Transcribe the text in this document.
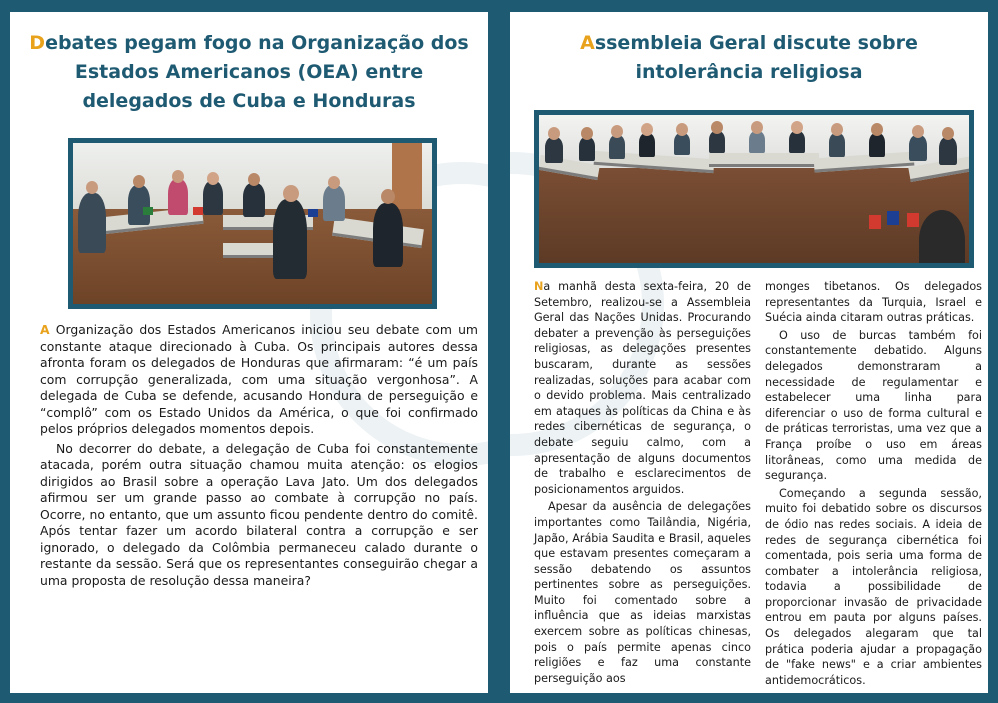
Debates pegam fogo na Organização dos Estados Americanos (OEA) entre delegados de Cuba e Honduras

A Organização dos Estados Americanos iniciou seu debate com um constante ataque direcionado à Cuba. Os principais autores dessa afronta foram os delegados de Honduras que afirmaram: “é um país com corrupção generalizada, com uma situação vergonhosa”. A delegada de Cuba se defende, acusando Hondura de perseguição e “complô” com os Estado Unidos da América, o que foi confirmado pelos próprios delegados momentos depois.

No decorrer do debate, a delegação de Cuba foi constantemente atacada, porém outra situação chamou muita atenção: os elogios dirigidos ao Brasil sobre a operação Lava Jato. Um dos delegados afirmou ser um grande passo ao combate à corrupção no país. Ocorre, no entanto, que um assunto ficou pendente dentro do comitê. Após tentar fazer um acordo bilateral contra a corrupção e ser ignorado, o delegado da Colômbia permaneceu calado durante o restante da sessão. Será que os representantes conseguirão chegar a uma proposta de resolução dessa maneira?

Assembleia Geral discute sobre intolerância religiosa

Na manhã desta sexta-feira, 20 de Setembro, realizou-se a Assembleia Geral das Nações Unidas. Procurando debater a prevenção às perseguições religiosas, as delegações presentes buscaram, durante as sessões realizadas, soluções para acabar com o devido problema. Mais centralizado em ataques às políticas da China e às redes cibernéticas de segurança, o debate seguiu calmo, com a apresentação de alguns documentos de trabalho e esclarecimentos de posicionamentos arguidos.

Apesar da ausência de delegações importantes como Tailândia, Nigéria, Japão, Arábia Saudita e Brasil, aqueles que estavam presentes começaram a sessão debatendo os assuntos pertinentes sobre as perseguições. Muito foi comentado sobre a influência que as ideias marxistas exercem sobre as políticas chinesas, pois o país permite apenas cinco religiões e faz uma constante perseguição aos

monges tibetanos. Os delegados representantes da Turquia, Israel e Suécia ainda citaram outras práticas.

O uso de burcas também foi constantemente debatido. Alguns delegados demonstraram a necessidade de regulamentar e estabelecer uma linha para diferenciar o uso de forma cultural e de práticas terroristas, uma vez que a França proíbe o uso em áreas litorâneas, como uma medida de segurança.

Começando a segunda sessão, muito foi debatido sobre os discursos de ódio nas redes sociais. A ideia de redes de segurança cibernética foi comentada, pois seria uma forma de combater a intolerância religiosa, todavia a possibilidade de proporcionar invasão de privacidade entrou em pauta por alguns países. Os delegados alegaram que tal prática poderia ajudar a propagação de "fake news" e a criar ambientes antidemocráticos.
